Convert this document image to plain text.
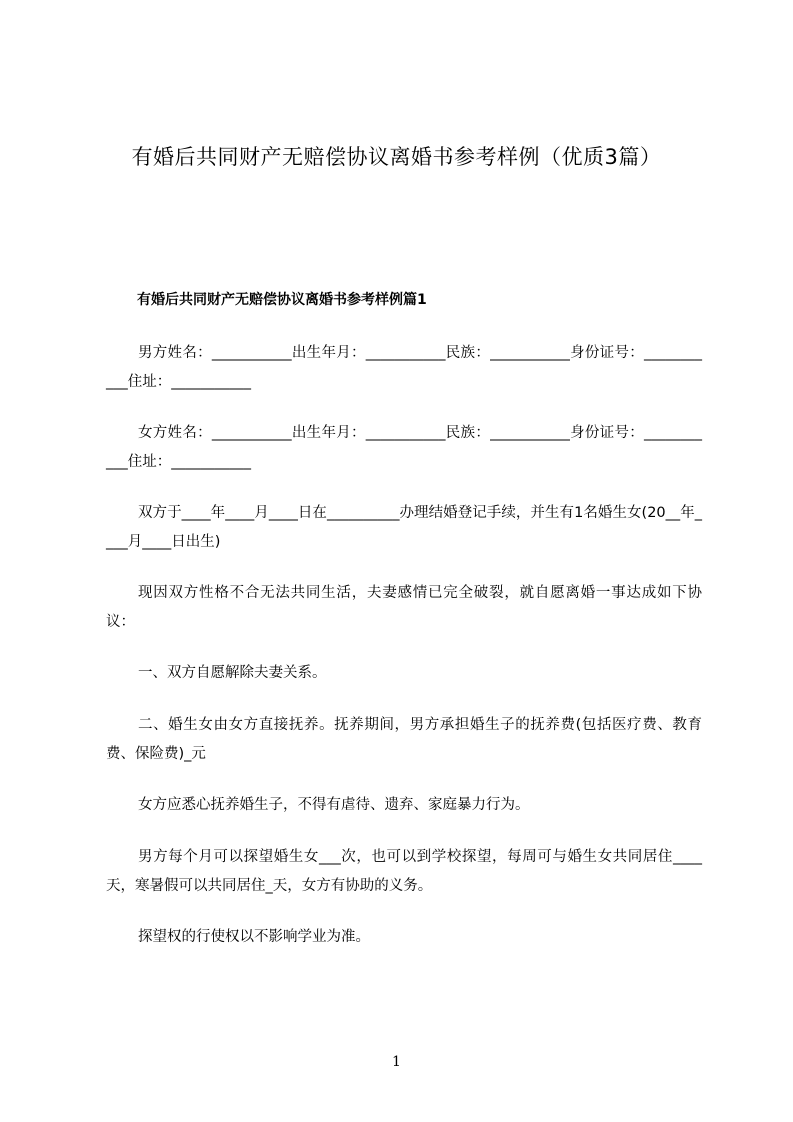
有婚后共同财产无赔偿协议离婚书参考样例（优质3篇）
有婚后共同财产无赔偿协议离婚书参考样例篇1
男方姓名：___________出生年月：___________民族：___________身份证号：___________住址：___________
女方姓名：___________出生年月：___________民族：___________身份证号：___________住址：___________
双方于____年____月____日在__________办理结婚登记手续，并生有1名婚生女(20__年____月____日出生)
现因双方性格不合无法共同生活，夫妻感情已完全破裂，就自愿离婚一事达成如下协议：
一、双方自愿解除夫妻关系。
二、婚生女由女方直接抚养。抚养期间，男方承担婚生子的抚养费(包括医疗费、教育费、保险费)_元
女方应悉心抚养婚生子，不得有虐待、遗弃、家庭暴力行为。
男方每个月可以探望婚生女___次，也可以到学校探望，每周可与婚生女共同居住____天，寒暑假可以共同居住_天，女方有协助的义务。
探望权的行使权以不影响学业为准。
1
